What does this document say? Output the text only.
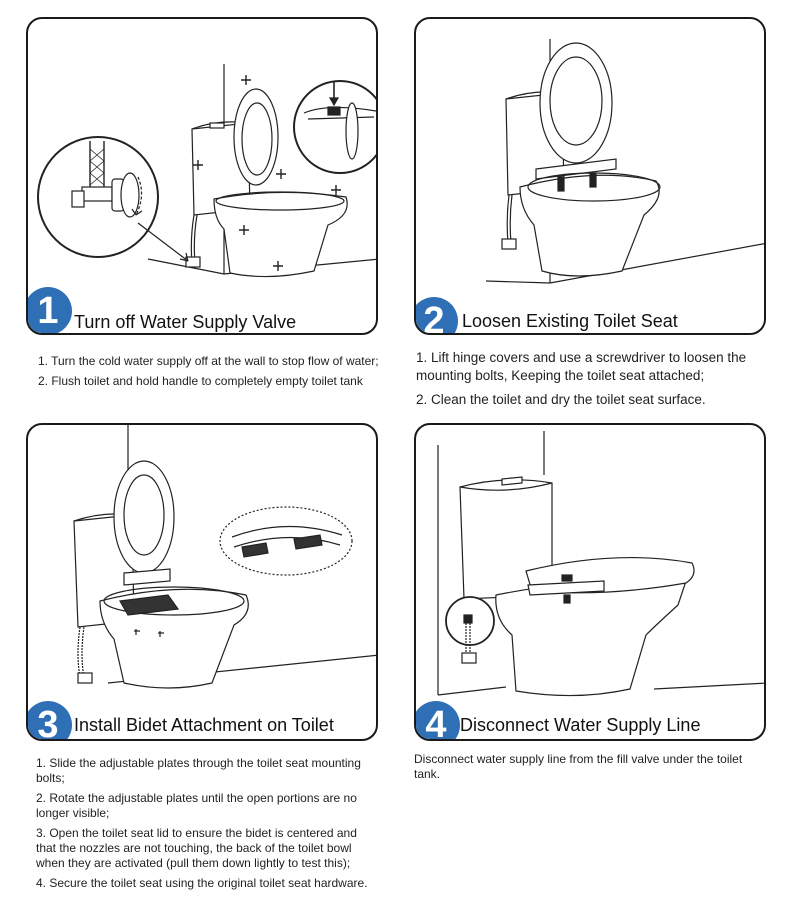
1 Turn off Water Supply Valve

1. Turn the cold water supply off at the wall to stop flow of water;

2. Flush toilet and hold handle to completely empty toilet tank

2 Loosen Existing Toilet Seat

1. Lift hinge covers and use a screwdriver to loosen the mounting bolts, Keeping the toilet seat attached;

2. Clean the toilet and dry the toilet seat surface.

3 Install Bidet Attachment on Toilet

1. Slide the adjustable plates through the toilet seat mounting bolts;

2. Rotate the adjustable plates until the open portions are no longer visible;

3. Open the toilet seat lid to ensure the bidet is centered and that the nozzles are not touching, the back of the toilet bowl when they are activated (pull them down lightly to test this);

4. Secure the toilet seat using the original toilet seat hardware.

4 Disconnect Water Supply Line

Disconnect water supply line from the fill valve under the toilet tank.
